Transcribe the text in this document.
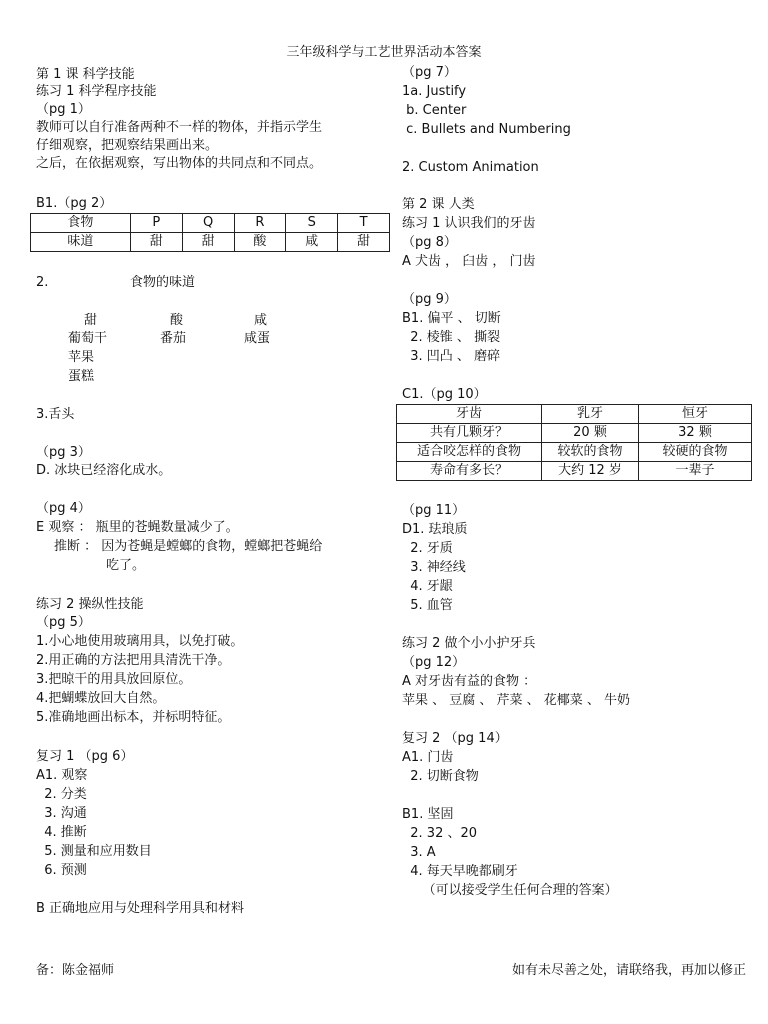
三年级科学与工艺世界活动本答案
第 1 课 科学技能
练习 1 科学程序技能
（pg 1）
教师可以自行准备两种不一样的物体，并指示学生
仔细观察，把观察结果画出来。
之后，在依据观察，写出物体的共同点和不同点。
B1.（pg 2）
食物	P	Q	R	S	T
味道	甜	甜	酸	咸	甜
2.	食物的味道
甜	酸	咸
葡萄干	番茄	咸蛋
苹果
蛋糕
3.舌头
（pg 3）
D. 冰块已经溶化成水。
（pg 4）
E 观察 ： 瓶里的苍蝇数量减少了。
推断 ： 因为苍蝇是螳螂的食物，螳螂把苍蝇给
吃了。
练习 2 操纵性技能
（pg 5）
1.小心地使用玻璃用具，以免打破。
2.用正确的方法把用具清洗干净。
3.把晾干的用具放回原位。
4.把蝴蝶放回大自然。
5.准确地画出标本，并标明特征。
复习 1 （pg 6）
A1. 观察
2. 分类
3. 沟通
4. 推断
5. 测量和应用数目
6. 预测
B 正确地应用与处理科学用具和材料
（pg 7）
1a. Justify
b. Center
c. Bullets and Numbering
2. Custom Animation
第 2 课 人类
练习 1 认识我们的牙齿
（pg 8）
A 犬齿 ， 臼齿 ， 门齿
（pg 9）
B1. 偏平 、 切断
2. 棱锥 、 撕裂
3. 凹凸 、 磨碎
C1.（pg 10）
牙齿	乳牙	恒牙
共有几颗牙？	20 颗	32 颗
适合咬怎样的食物	较软的食物	较硬的食物
寿命有多长？	大约 12 岁	一辈子
（pg 11）
D1. 珐琅质
2. 牙质
3. 神经线
4. 牙龈
5. 血管
练习 2 做个小小护牙兵
（pg 12）
A 对牙齿有益的食物 ：
苹果 、 豆腐 、 芹菜 、 花椰菜 、 牛奶
复习 2 （pg 14）
A1. 门齿
2. 切断食物
B1. 坚固
2. 32 、20
3. A
4. 每天早晚都刷牙
（可以接受学生任何合理的答案）
备：陈金福师	如有未尽善之处，请联络我，再加以修正
